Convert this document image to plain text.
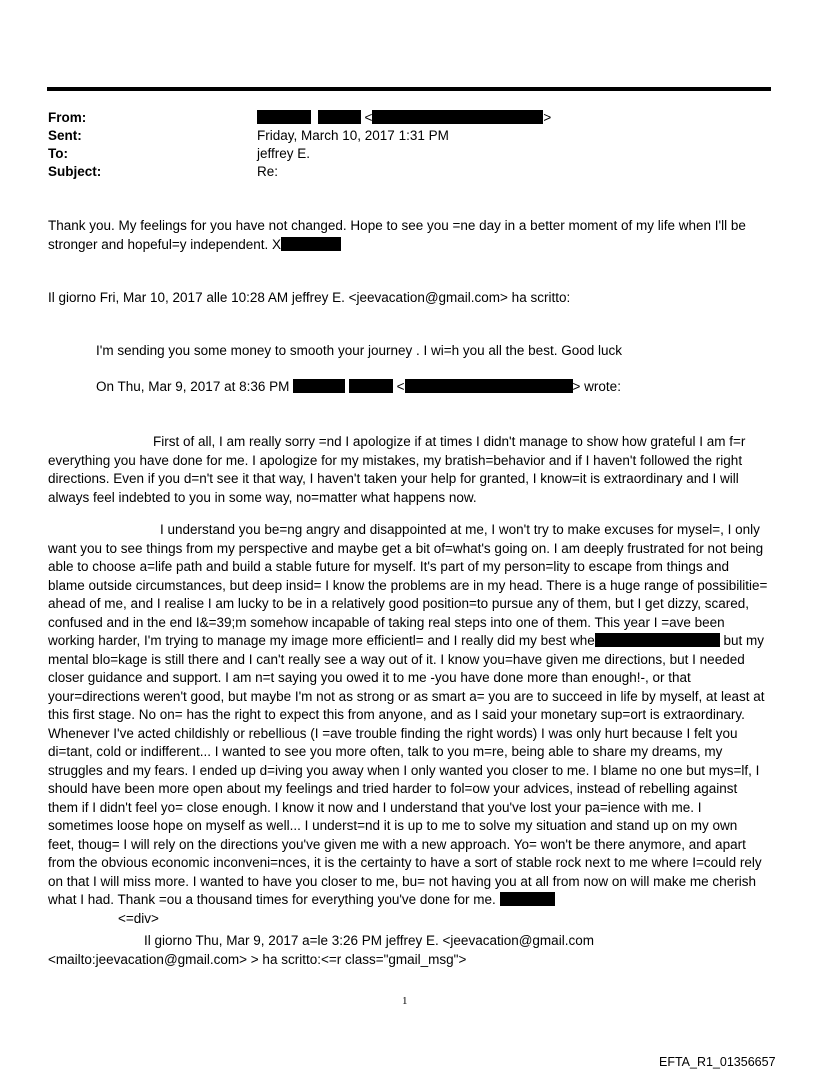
From:	<	>
Sent:	Friday, March 10, 2017 1:31 PM
To:	jeffrey E.
Subject:	Re:
Thank you. My feelings for you have not changed. Hope to see you =ne day in a better moment of my life when I'll be
stronger and hopeful=y independent. X
Il giorno Fri, Mar 10, 2017 alle 10:28 AM jeffrey E. <jeevacation@gmail.com> ha scritto:
I'm sending you some money to smooth your journey . I wi=h you all the best. Good luck
On Thu, Mar 9, 2017 at 8:36 PM	<	> wrote:
First of all, I am really sorry =nd I apologize if at times I didn't manage to show how grateful I am f=r
everything you have done for me. I apologize for my mistakes, my bratish=behavior and if I haven't followed the right
directions. Even if you d=n't see it that way, I haven't taken your help for granted, I know=it is extraordinary and I will
always feel indebted to you in some way, no=matter what happens now.
I understand you be=ng angry and disappointed at me, I won't try to make excuses for mysel=, I only
want you to see things from my perspective and maybe get a bit of=what's going on. I am deeply frustrated for not being
able to choose a=life path and build a stable future for myself. It's part of my person=lity to escape from things and
blame outside circumstances, but deep insid= I know the problems are in my head. There is a huge range of possibilitie=
ahead of me, and I realise I am lucky to be in a relatively good position=to pursue any of them, but I get dizzy, scared,
confused and in the end I&=39;m somehow incapable of taking real steps into one of them. This year I =ave been
working harder, I'm trying to manage my image more efficientl= and I really did my best whe	but my
mental blo=kage is still there and I can't really see a way out of it. I know you=have given me directions, but I needed
closer guidance and support. I am n=t saying you owed it to me -you have done more than enough!-, or that
your=directions weren't good, but maybe I'm not as strong or as smart a= you are to succeed in life by myself, at least at
this first stage. No on= has the right to expect this from anyone, and as I said your monetary sup=ort is extraordinary.
Whenever I've acted childishly or rebellious (I =ave trouble finding the right words) I was only hurt because I felt you
di=tant, cold or indifferent... I wanted to see you more often, talk to you m=re, being able to share my dreams, my
struggles and my fears. I ended up d=iving you away when I only wanted you closer to me. I blame no one but mys=lf, I
should have been more open about my feelings and tried harder to fol=ow your advices, instead of rebelling against
them if I didn't feel yo= close enough. I know it now and I understand that you've lost your pa=ience with me. I
sometimes loose hope on myself as well... I underst=nd it is up to me to solve my situation and stand up on my own
feet, thoug= I will rely on the directions you've given me with a new approach. Yo= won't be there anymore, and apart
from the obvious economic inconveni=nces, it is the certainty to have a sort of stable rock next to me where I=could rely
on that I will miss more. I wanted to have you closer to me, bu= not having you at all from now on will make me cherish
what I had. Thank =ou a thousand times for everything you've done for me.
<=div>
Il giorno Thu, Mar 9, 2017 a=le 3:26 PM jeffrey E. <jeevacation@gmail.com
<mailto:jeevacation@gmail.com> > ha scritto:<=r class="gmail_msg">
1
EFTA_R1_01356657
